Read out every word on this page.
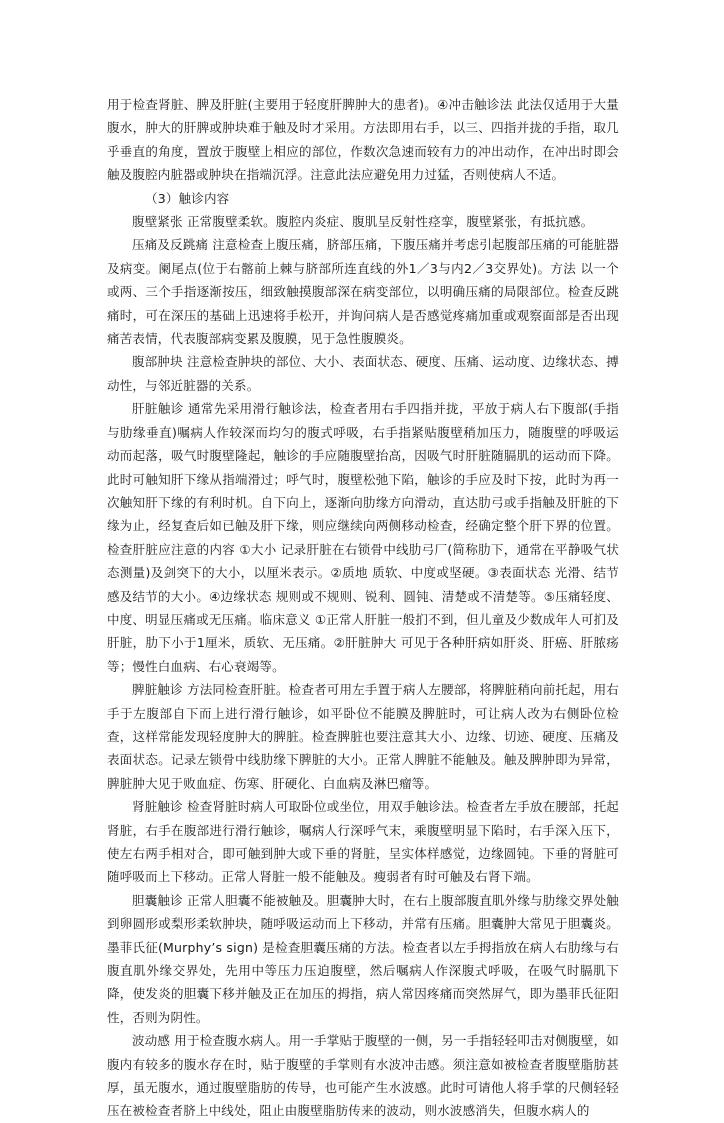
用于检查肾脏、脾及肝脏(主要用于轻度肝脾肿大的患者)。④冲击触诊法 此法仅适用于大量腹水，肿大的肝脾或肿块难于触及时才采用。方法即用右手，以三、四指并拢的手指，取几乎垂直的角度，置放于腹壁上相应的部位，作数次急速而较有力的冲出动作，在冲出时即会触及腹腔内脏器或肿块在指端沉浮。注意此法应避免用力过猛，否则使病人不适。

（3）触诊内容

腹壁紧张 正常腹壁柔软。腹腔内炎症、腹肌呈反射性痉挛，腹壁紧张，有抵抗感。

压痛及反跳痛 注意检查上腹压痛，脐部压痛，下腹压痛并考虑引起腹部压痛的可能脏器及病变。阑尾点(位于右髂前上棘与脐部所连直线的外1／3与内2／3交界处)。方法 以一个或两、三个手指逐渐按压，细致触摸腹部深在病变部位，以明确压痛的局限部位。检查反跳痛时，可在深压的基础上迅速将手松开，并询问病人是否感觉疼痛加重或观察面部是否出现痛苦表情，代表腹部病变累及腹膜，见于急性腹膜炎。

腹部肿块 注意检查肿块的部位、大小、表面状态、硬度、压痛、运动度、边缘状态、搏动性，与邻近脏器的关系。

肝脏触诊 通常先采用滑行触诊法，检查者用右手四指并拢，平放于病人右下腹部(手指与肋缘垂直)嘱病人作较深而均匀的腹式呼吸，右手指紧贴腹壁稍加压力，随腹壁的呼吸运动而起落，吸气时腹壁隆起，触诊的手应随腹壁抬高，因吸气时肝脏随膈肌的运动而下降。此时可触知肝下缘从指端滑过；呼气时，腹壁松弛下陷，触诊的手应及时下按，此时为再一次触知肝下缘的有利时机。自下向上，逐渐向肋缘方向滑动，直达肋弓或手指触及肝脏的下缘为止，经复查后如已触及肝下缘，则应继续向两侧移动检查，经确定整个肝下界的位置。检查肝脏应注意的内容 ①大小 记录肝脏在右锁骨中线肋弓厂(简称肋下，通常在平静吸气状态测量)及剑突下的大小，以厘米表示。②质地 质软、中度或坚硬。③表面状态 光滑、结节感及结节的大小。④边缘状态 规则或不规则、锐利、圆钝、清楚或不清楚等。⑤压痛轻度、中度、明显压痛或无压痛。临床意义 ①正常人肝脏一般扪不到，但儿童及少数成年人可扪及肝脏，肋下小于1厘米，质软、无压痛。②肝脏肿大 可见于各种肝病如肝炎、肝癌、肝脓疡等；慢性白血病、右心衰竭等。

脾脏触诊 方法同检查肝脏。检查者可用左手置于病人左腰部，将脾脏稍向前托起，用右手于左腹部自下而上进行滑行触诊，如平卧位不能膜及脾脏时，可让病人改为右侧卧位检查，这样常能发现轻度肿大的脾脏。检查脾脏也要注意其大小、边缘、切迹、硬度、压痛及表面状态。记录左锁骨中线肋缘下脾脏的大小。正常人脾脏不能触及。触及脾肿即为异常，脾脏肿大见于败血症、伤寒、肝硬化、白血病及淋巴瘤等。

肾脏触诊 检查肾脏时病人可取卧位或坐位，用双手触诊法。检查者左手放在腰部，托起肾脏，右手在腹部进行滑行触诊，嘱病人行深呼气末，乘腹壁明显下陷时，右手深入压下，使左右两手相对合，即可触到肿大或下垂的肾脏，呈实体样感觉，边缘圆钝。下垂的肾脏可随呼吸而上下移动。正常人肾脏一般不能触及。瘦弱者有时可触及右肾下端。

胆囊触诊 正常人胆囊不能被触及。胆囊肿大时，在右上腹部腹直肌外缘与肋缘交界处触到卵圆形或梨形柔软肿块，随呼吸运动而上下移动，并常有压痛。胆囊肿大常见于胆囊炎。墨菲氏征(Murphy’s sign) 是检查胆囊压痛的方法。检查者以左手拇指放在病人右肋缘与右腹直肌外缘交界处，先用中等压力压迫腹壁，然后嘱病人作深腹式呼吸，在吸气时膈肌下降，使发炎的胆囊下移并触及正在加压的拇指，病人常因疼痛而突然屏气，即为墨菲氏征阳性，否则为阴性。

波动感 用于检查腹水病人。用一手掌贴于腹壁的一侧，另一手指轻轻叩击对侧腹壁，如腹内有较多的腹水存在时，贴于腹壁的手掌则有水波冲击感。须注意如被检查者腹壁脂肪甚厚，虽无腹水，通过腹壁脂肪的传导，也可能产生水波感。此时可请他人将手掌的尺侧轻轻压在被检查者脐上中线处，阻止由腹壁脂肪传来的波动，则水波感消失，但腹水病人的
